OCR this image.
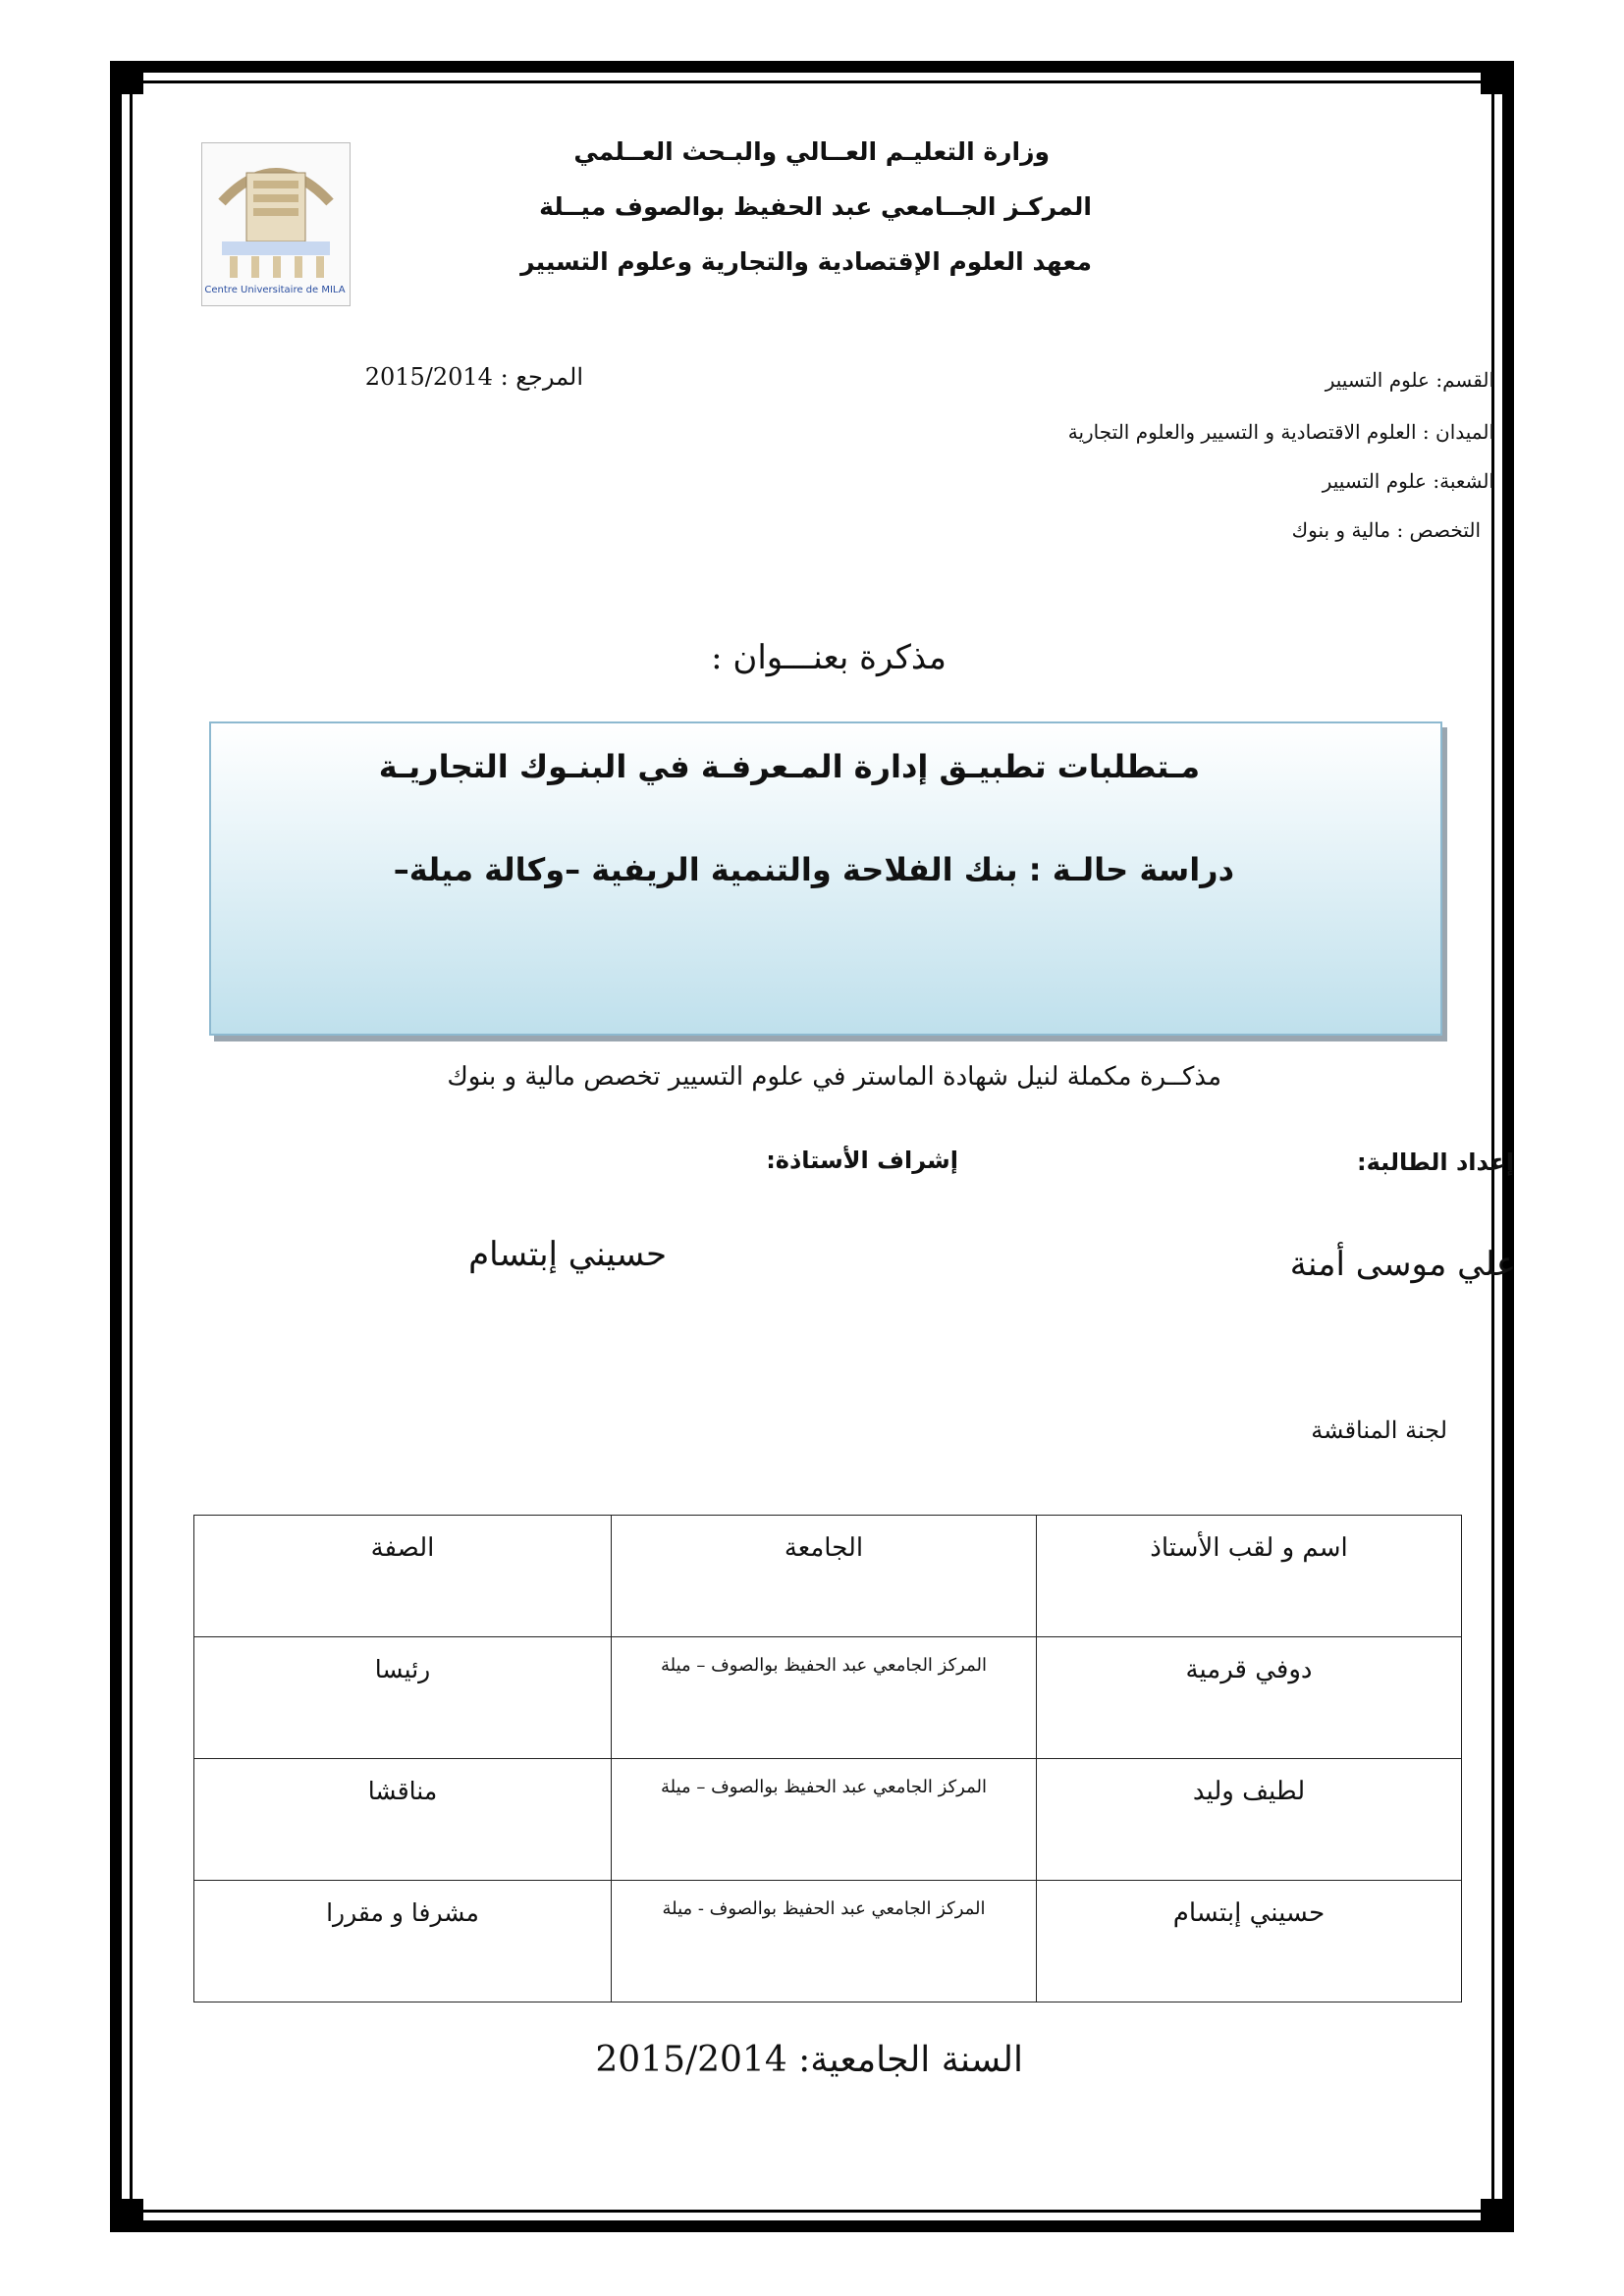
Centre Universitaire de MILA
وزارة التعليـم العــالي والبـحث العــلمي
المركـز الجــامعي عبد الحفيظ بوالصوف ميــلة
معهد العلوم الإقتصادية والتجارية وعلوم التسيير
القسم: علوم التسيير
الميدان : العلوم الاقتصادية و التسيير والعلوم التجارية
الشعبة: علوم التسيير
التخصص : مالية و بنوك
المرجع : 2015/2014
مذكرة بعنـــوان :
مـتطلبات تطبيـق إدارة المـعرفـة في البنـوك التجاريـة
دراسة حالـة : بنك الفلاحة والتنمية الريفية –وكالة ميلة–
مذكــرة مكملة لنيل شهادة الماستر في علوم التسيير تخصص مالية و بنوك
إشراف الأستاذة:	إعداد الطالبة:
حسيني إبتسام	علي موسى أمنة
لجنة المناقشة
اسم و لقب الأستاذ	الجامعة	الصفة
دوفي قرمية	المركز الجامعي عبد الحفيظ بوالصوف – ميلة	رئيسا
لطيف وليد	المركز الجامعي عبد الحفيظ بوالصوف – ميلة	مناقشا
حسيني إبتسام	المركز الجامعي عبد الحفيظ بوالصوف - ميلة	مشرفا و مقررا
السنة الجامعية: 2015/2014
